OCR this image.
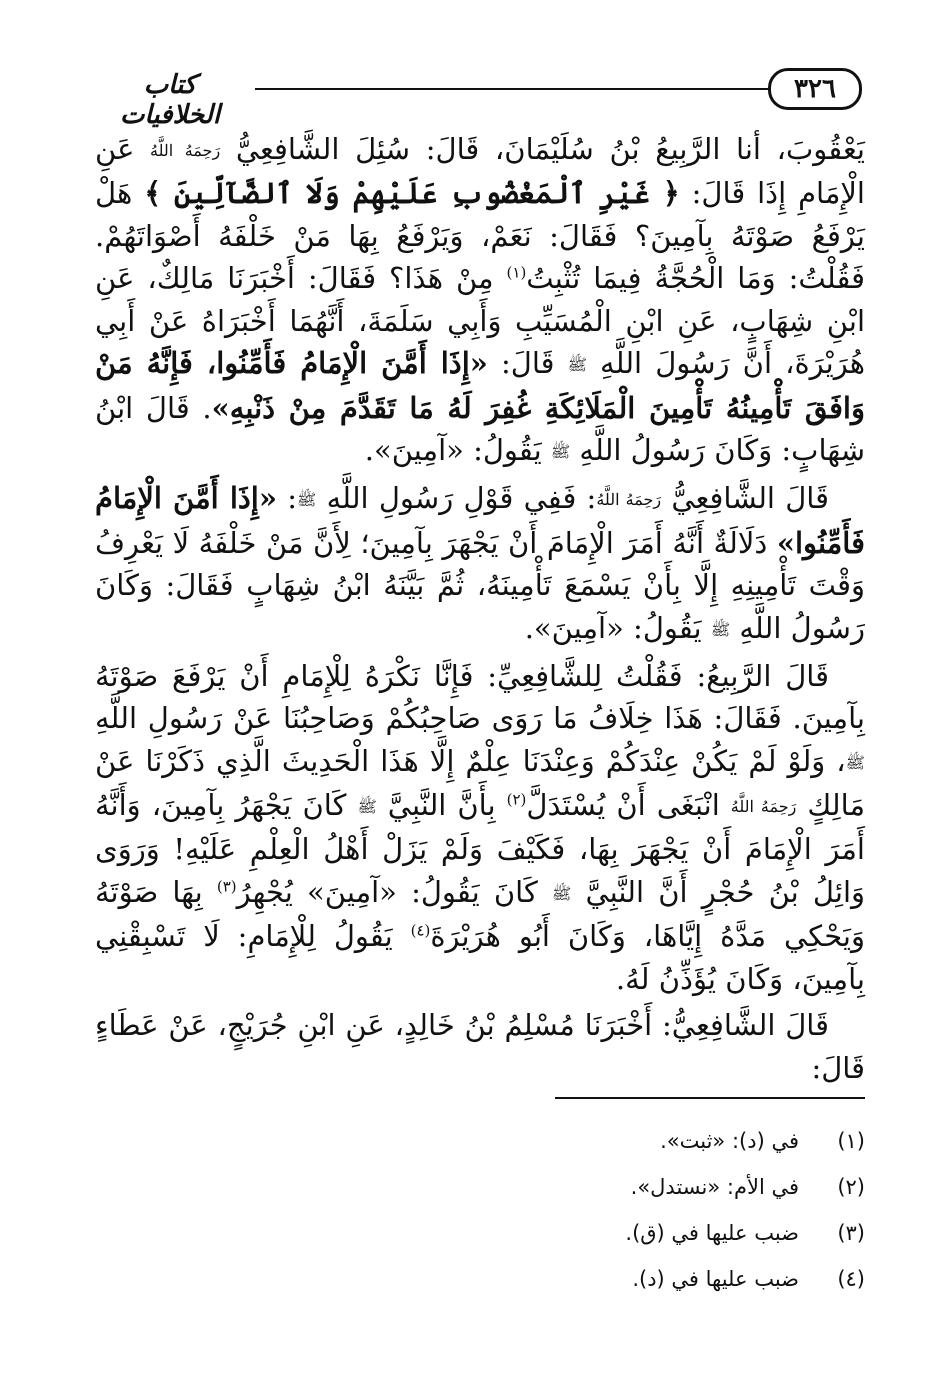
كتاب الخلافيات
٣٢٦

يَعْقُوبَ، أنا الرَّبِيعُ بْنُ سُلَيْمَانَ، قَالَ: سُئِلَ الشَّافِعِيُّ رَحِمَهُ اللَّهُ عَنِ الْإِمَامِ إِذَا قَالَ: ﴿ غَيْرِ ٱلْمَغْضُوبِ عَلَيْهِمْ وَلَا ٱلضَّآلِّينَ ﴾ هَلْ يَرْفَعُ صَوْتَهُ بِآمِينَ؟ فَقَالَ: نَعَمْ، وَيَرْفَعُ بِهَا مَنْ خَلْفَهُ أَصْوَاتَهُمْ. فَقُلْتُ: وَمَا الْحُجَّةُ فِيمَا تُثْبِتُ$^{(١)}$ مِنْ هَذَا؟ فَقَالَ: أَخْبَرَنَا مَالِكٌ، عَنِ ابْنِ شِهَابٍ، عَنِ ابْنِ الْمُسَيِّبِ وَأَبِي سَلَمَةَ، أَنَّهُمَا أَخْبَرَاهُ عَنْ أَبِي هُرَيْرَةَ، أَنَّ رَسُولَ اللَّهِ ﷺ قَالَ: «إِذَا أَمَّنَ الْإِمَامُ فَأَمِّنُوا، فَإِنَّهُ مَنْ وَافَقَ تَأْمِينُهُ تَأْمِينَ الْمَلَائِكَةِ غُفِرَ لَهُ مَا تَقَدَّمَ مِنْ ذَنْبِهِ». قَالَ ابْنُ شِهَابٍ: وَكَانَ رَسُولُ اللَّهِ ﷺ يَقُولُ: «آمِينَ».

قَالَ الشَّافِعِيُّ رَحِمَهُ اللَّهُ: فَفِي قَوْلِ رَسُولِ اللَّهِ ﷺ: «إِذَا أَمَّنَ الْإِمَامُ فَأَمِّنُوا» دَلَالَةٌ أَنَّهُ أَمَرَ الْإِمَامَ أَنْ يَجْهَرَ بِآمِينَ؛ لِأَنَّ مَنْ خَلْفَهُ لَا يَعْرِفُ وَقْتَ تَأْمِينِهِ إِلَّا بِأَنْ يَسْمَعَ تَأْمِينَهُ، ثُمَّ بَيَّنَهُ ابْنُ شِهَابٍ فَقَالَ: وَكَانَ رَسُولُ اللَّهِ ﷺ يَقُولُ: «آمِينَ».

قَالَ الرَّبِيعُ: فَقُلْتُ لِلشَّافِعِيِّ: فَإِنَّا نَكْرَهُ لِلْإِمَامِ أَنْ يَرْفَعَ صَوْتَهُ بِآمِينَ. فَقَالَ: هَذَا خِلَافُ مَا رَوَى صَاحِبُكُمْ وَصَاحِبُنَا عَنْ رَسُولِ اللَّهِ ﷺ، وَلَوْ لَمْ يَكُنْ عِنْدَكُمْ وَعِنْدَنَا عِلْمٌ إِلَّا هَذَا الْحَدِيثَ الَّذِي ذَكَرْنَا عَنْ مَالِكٍ رَحِمَهُ اللَّهُ انْبَغَى أَنْ يُسْتَدَلَّ$^{(٢)}$ بِأَنَّ النَّبِيَّ ﷺ كَانَ يَجْهَرُ بِآمِينَ، وَأَنَّهُ أَمَرَ الْإِمَامَ أَنْ يَجْهَرَ بِهَا، فَكَيْفَ وَلَمْ يَزَلْ أَهْلُ الْعِلْمِ عَلَيْهِ! وَرَوَى وَائِلُ بْنُ حُجْرٍ أَنَّ النَّبِيَّ ﷺ كَانَ يَقُولُ: «آمِينَ» يُجْهِرُ$^{(٣)}$ بِهَا صَوْتَهُ وَيَحْكِي مَدَّهُ إِيَّاهَا، وَكَانَ أَبُو هُرَيْرَةَ$^{(٤)}$ يَقُولُ لِلْإِمَامِ: لَا تَسْبِقْنِي بِآمِينَ، وَكَانَ يُؤَذِّنُ لَهُ.

قَالَ الشَّافِعِيُّ: أَخْبَرَنَا مُسْلِمُ بْنُ خَالِدٍ، عَنِ ابْنِ جُرَيْجٍ، عَنْ عَطَاءٍ قَالَ:

(١)
في (د): «ثبت».
(٢)
في الأم: «نستدل».
(٣)
ضبب عليها في (ق).
(٤)
ضبب عليها في (د).
